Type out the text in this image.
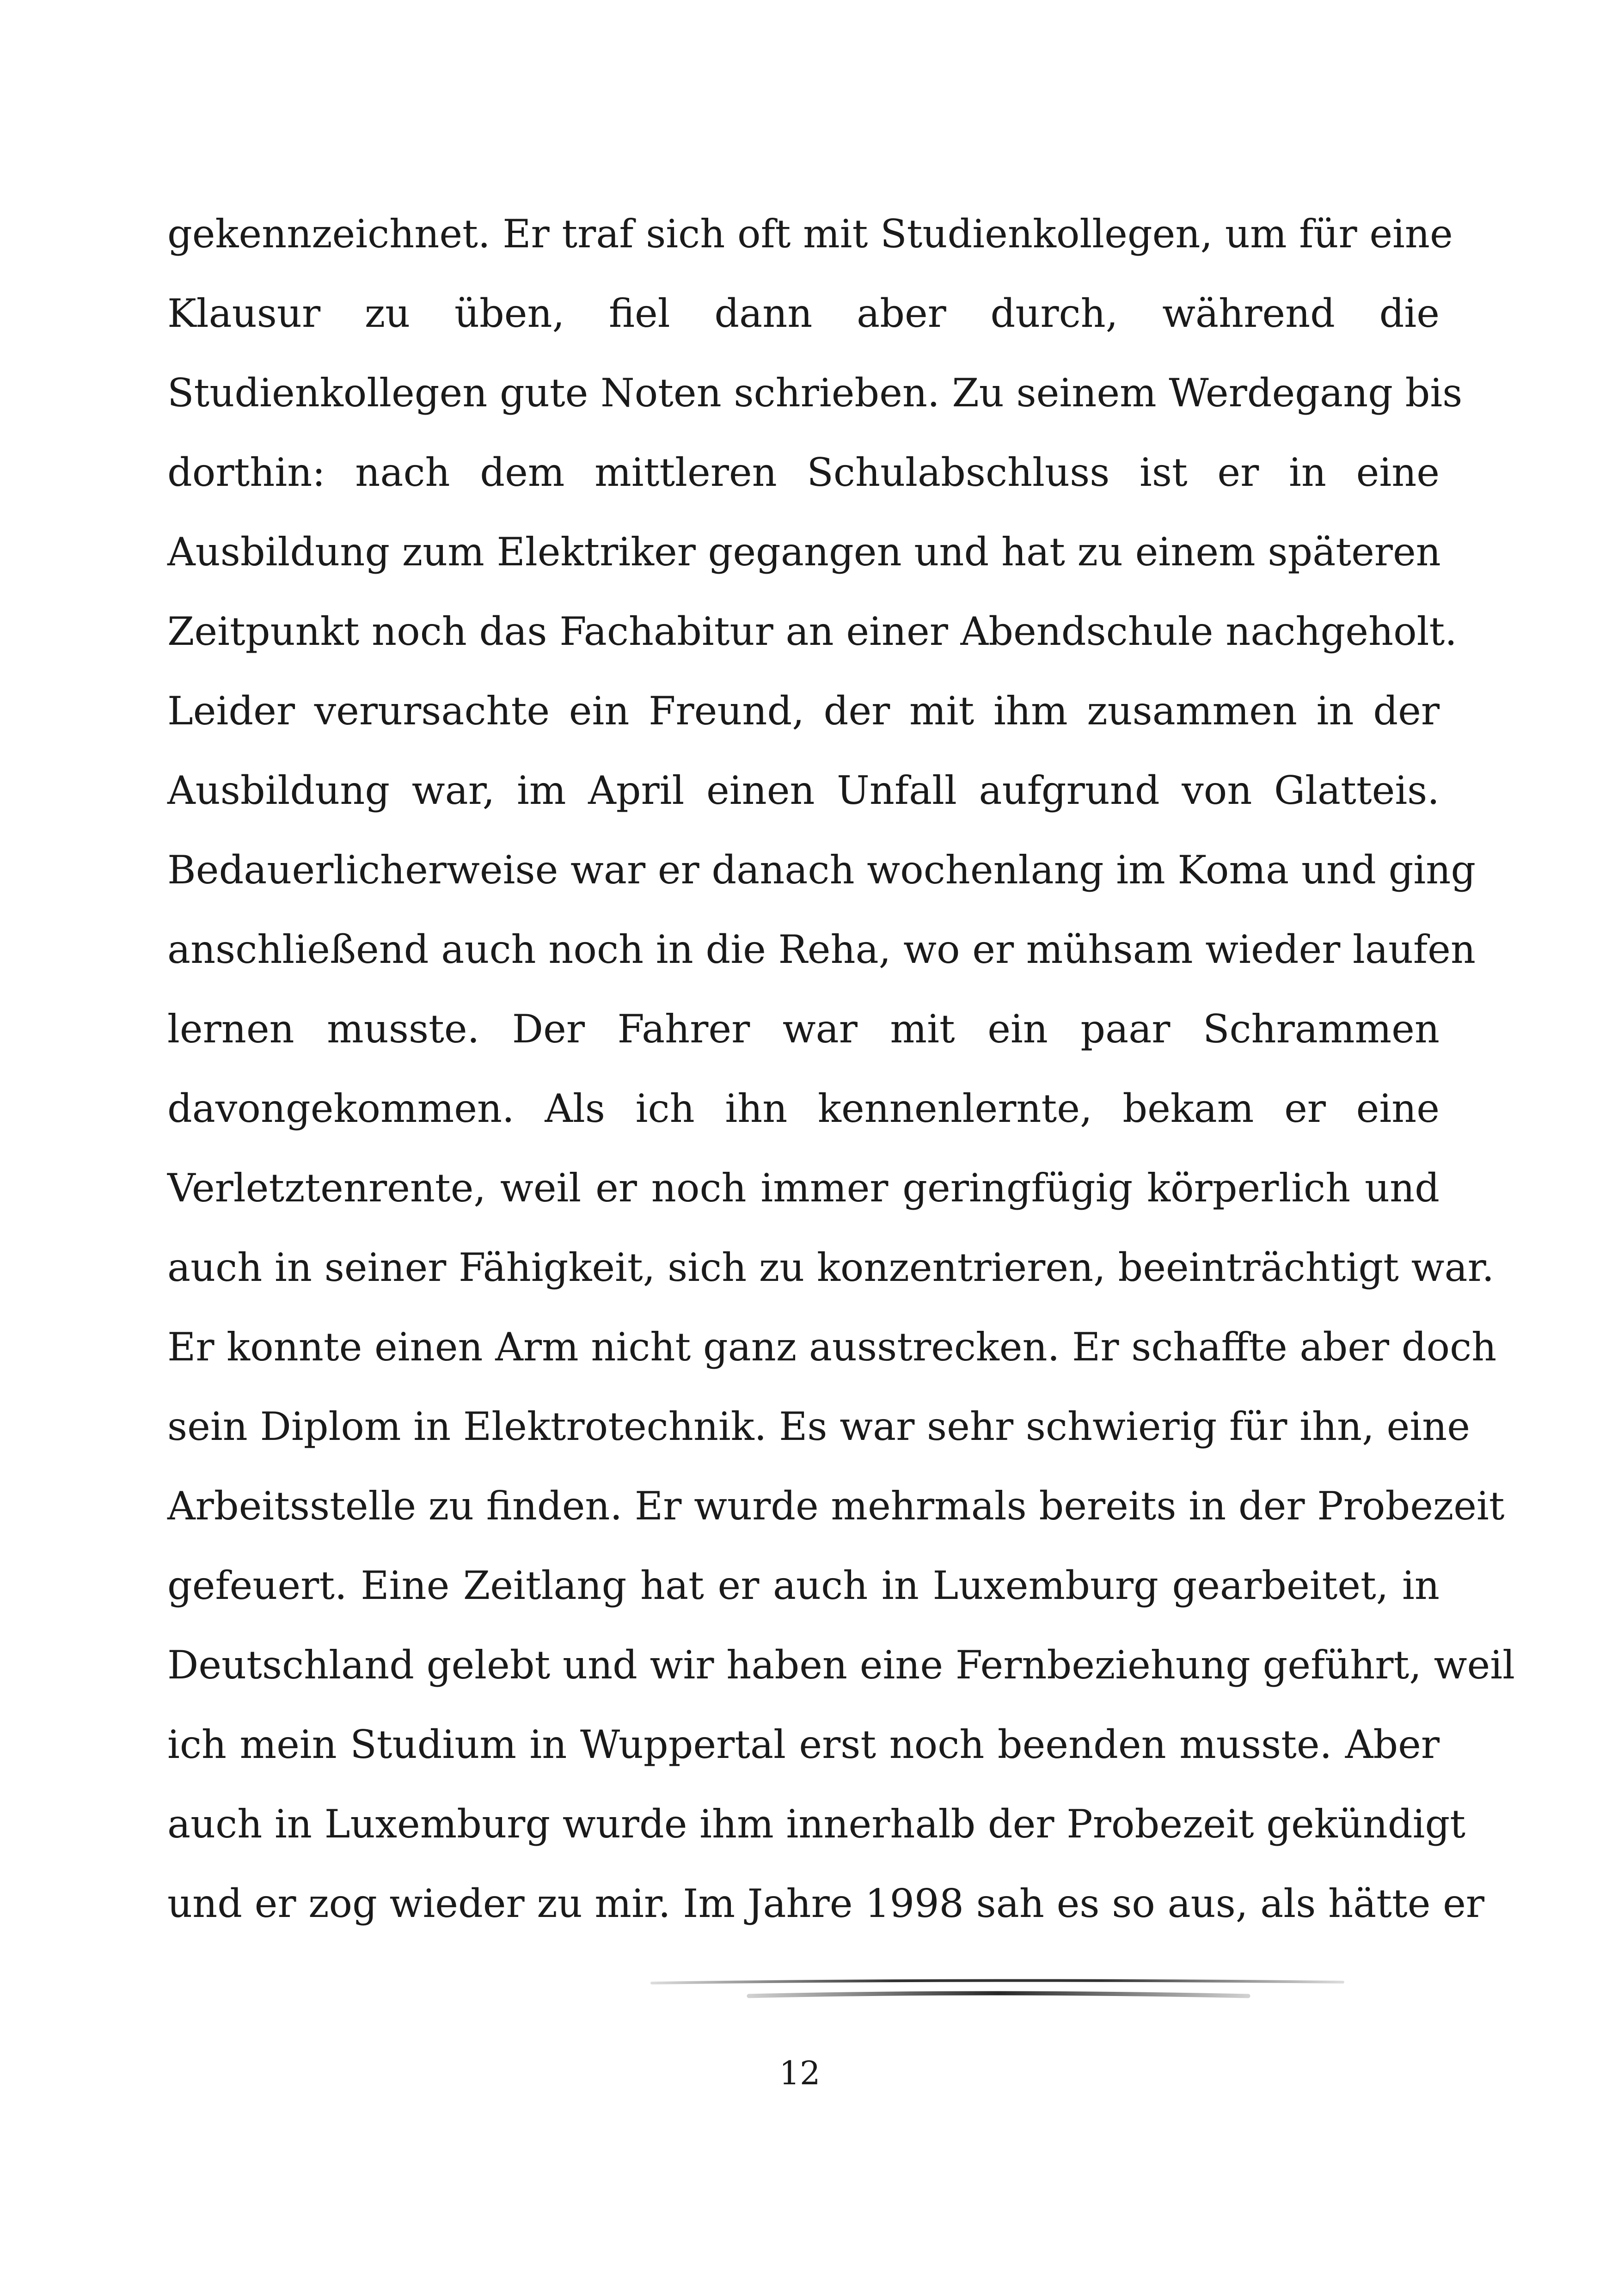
gekennzeichnet. Er traf sich oft mit Studienkollegen, um für eine
Klausur zu üben, fiel dann aber durch, während die
Studienkollegen gute Noten schrieben. Zu seinem Werdegang bis
dorthin: nach dem mittleren Schulabschluss ist er in eine
Ausbildung zum Elektriker gegangen und hat zu einem späteren
Zeitpunkt noch das Fachabitur an einer Abendschule nachgeholt.
Leider verursachte ein Freund, der mit ihm zusammen in der
Ausbildung war, im April einen Unfall aufgrund von Glatteis.
Bedauerlicherweise war er danach wochenlang im Koma und ging
anschließend auch noch in die Reha, wo er mühsam wieder laufen
lernen musste. Der Fahrer war mit ein paar Schrammen
davongekommen. Als ich ihn kennenlernte, bekam er eine
Verletztenrente, weil er noch immer geringfügig körperlich und
auch in seiner Fähigkeit, sich zu konzentrieren, beeinträchtigt war.
Er konnte einen Arm nicht ganz ausstrecken. Er schaffte aber doch
sein Diplom in Elektrotechnik. Es war sehr schwierig für ihn, eine
Arbeitsstelle zu finden. Er wurde mehrmals bereits in der Probezeit
gefeuert. Eine Zeitlang hat er auch in Luxemburg gearbeitet, in
Deutschland gelebt und wir haben eine Fernbeziehung geführt, weil
ich mein Studium in Wuppertal erst noch beenden musste. Aber
auch in Luxemburg wurde ihm innerhalb der Probezeit gekündigt
und er zog wieder zu mir. Im Jahre 1998 sah es so aus, als hätte er
12
